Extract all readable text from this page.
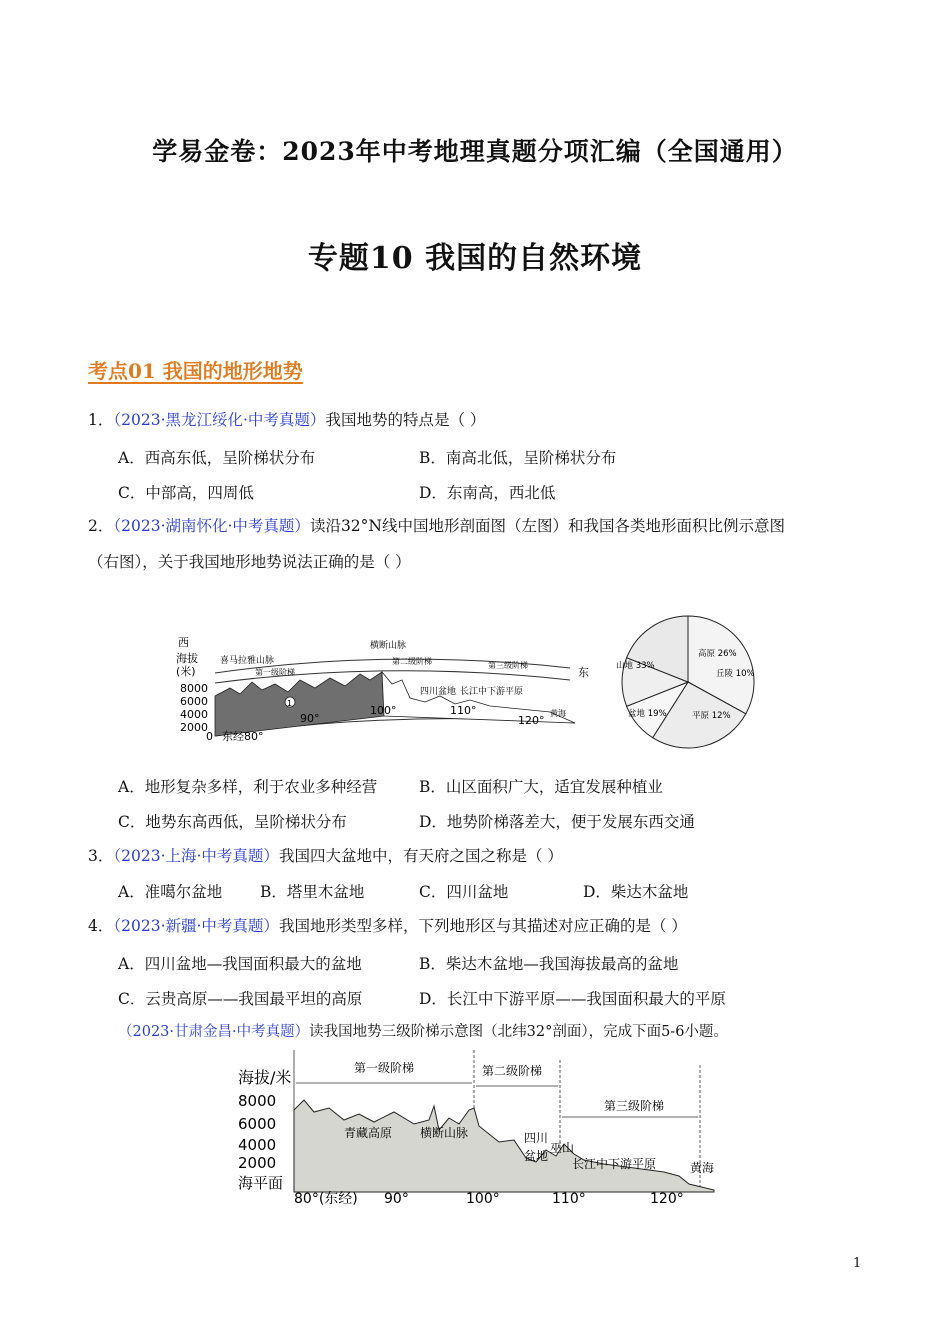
学易金卷：2023年中考地理真题分项汇编（全国通用）
专题10 我国的自然环境
考点01 我国的地形地势
1．（2023·黑龙江绥化·中考真题）我国地势的特点是（ ）
A．西高东低，呈阶梯状分布	B．南高北低，呈阶梯状分布
C．中部高，四周低	D．东南高，西北低
2．（2023·湖南怀化·中考真题）读沿32°N线中国地形剖面图（左图）和我国各类地形面积比例示意图
（右图），关于我国地形地势说法正确的是（ ）
西
海拔
(米)
8000
6000
4000
2000
0
1
喜马拉雅山脉
横断山脉
第一级阶梯
第二级阶梯	第三级阶梯
四川盆地 长江中下游平原
黄海
东经80°
90°
100°	110°
120°
东	山地 33%
高原 26%
丘陵 10%
平原 12%
盆地 19%
A．地形复杂多样，利于农业多种经营	B．山区面积广大，适宜发展种植业
C．地势东高西低，呈阶梯状分布	D．地势阶梯落差大，便于发展东西交通
3．（2023·上海·中考真题）我国四大盆地中，有天府之国之称是（ ）
A．准噶尔盆地 B．塔里木盆地	C．四川盆地	D．柴达木盆地
4．（2023·新疆·中考真题）我国地形类型多样，下列地形区与其描述对应正确的是（ ）
A．四川盆地—我国面积最大的盆地	B．柴达木盆地—我国海拔最高的盆地
C．云贵高原——我国最平坦的高原	D．长江中下游平原——我国面积最大的平原
（2023·甘肃金昌·中考真题）读我国地势三级阶梯示意图（北纬32°剖面），完成下面5-6小题。
第一级阶梯	第二级阶梯
第三级阶梯
海拔/米
8000
6000
4000
2000
海平面
青藏高原 横断山脉	四川
盆地
巫山
长江中下游平原	黄海
80°(东经) 90°	100°	110°	120°
1
